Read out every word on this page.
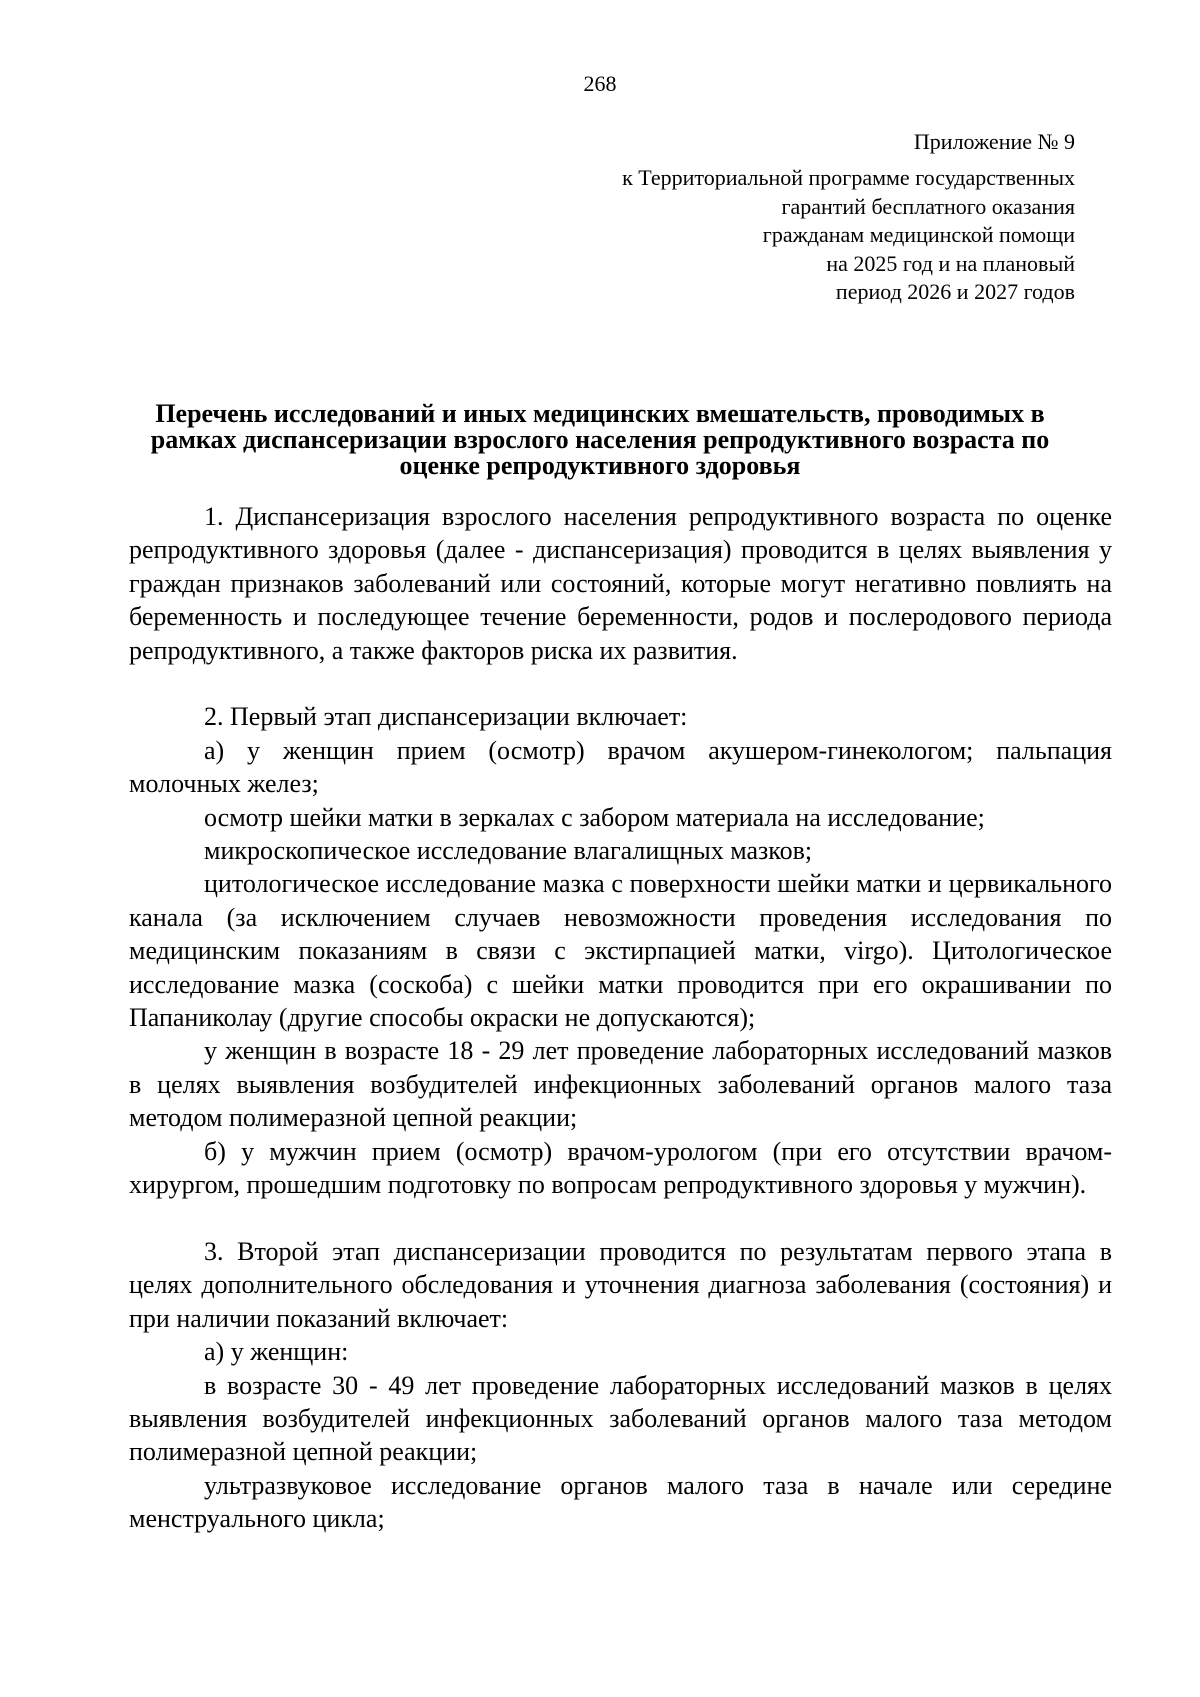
268
Приложение № 9
к Территориальной программе государственных
гарантий бесплатного оказания
гражданам медицинской помощи
на 2025 год и на плановый
период 2026 и 2027 годов
Перечень исследований и иных медицинских вмешательств, проводимых в
рамках диспансеризации взрослого населения репродуктивного возраста по
оценке репродуктивного здоровья

1. Диспансеризация взрослого населения репродуктивного возраста по оценке репродуктивного здоровья (далее - диспансеризация) проводится в целях выявления у граждан признаков заболеваний или состояний, которые могут негативно повлиять на беременность и последующее течение беременности, родов и послеродового периода репродуктивного, а также факторов риска их развития.

2. Первый этап диспансеризации включает:

а) у женщин прием (осмотр) врачом акушером-гинекологом; пальпация молочных желез;

осмотр шейки матки в зеркалах с забором материала на исследование;

микроскопическое исследование влагалищных мазков;

цитологическое исследование мазка с поверхности шейки матки и цервикального канала (за исключением случаев невозможности проведения исследования по медицинским показаниям в связи с экстирпацией матки, virgo). Цитологическое исследование мазка (соскоба) с шейки матки проводится при его окрашивании по Папаниколау (другие способы окраски не допускаются);

у женщин в возрасте 18 - 29 лет проведение лабораторных исследований мазков в целях выявления возбудителей инфекционных заболеваний органов малого таза методом полимеразной цепной реакции;

б) у мужчин прием (осмотр) врачом-урологом (при его отсутствии врачом-хирургом, прошедшим подготовку по вопросам репродуктивного здоровья у мужчин).

3. Второй этап диспансеризации проводится по результатам первого этапа в целях дополнительного обследования и уточнения диагноза заболевания (состояния) и при наличии показаний включает:

а) у женщин:

в возрасте 30 - 49 лет проведение лабораторных исследований мазков в целях выявления возбудителей инфекционных заболеваний органов малого таза методом полимеразной цепной реакции;

ультразвуковое исследование органов малого таза в начале или середине менструального цикла;
